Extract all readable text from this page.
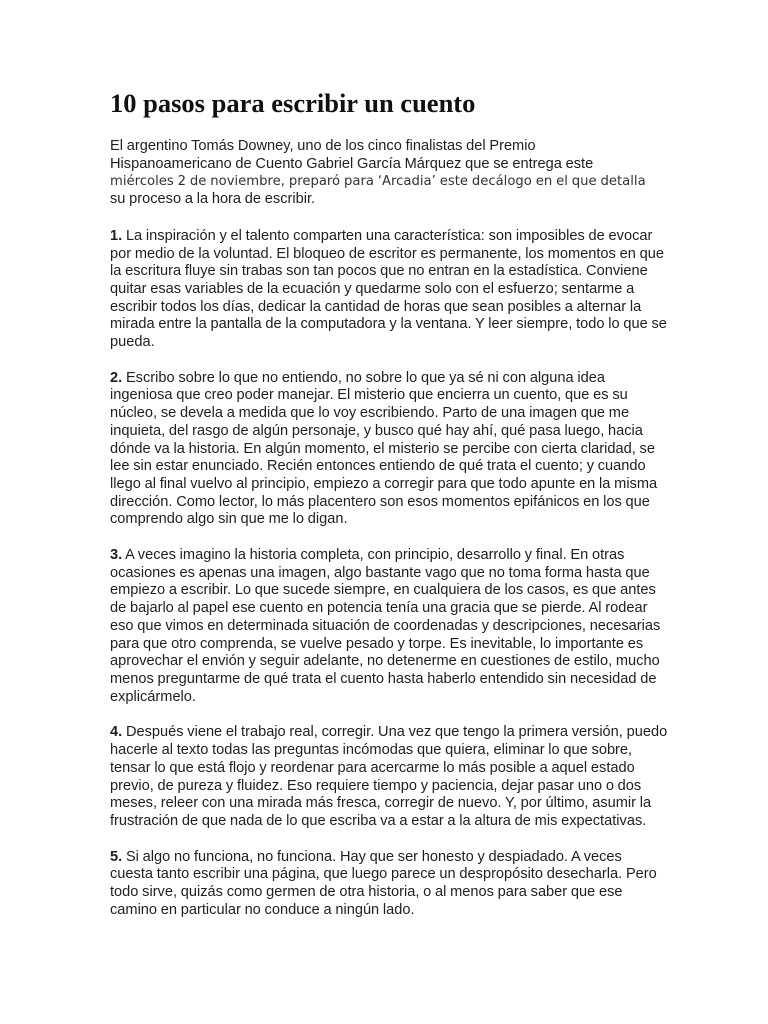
10 pasos para escribir un cuento

El argentino Tomás Downey, uno de los cinco finalistas del Premio
Hispanoamericano de Cuento Gabriel García Márquez que se entrega este
miércoles 2 de noviembre, preparó para ‘Arcadia’ este decálogo en el que detalla
su proceso a la hora de escribir.

1. La inspiración y el talento comparten una característica: son imposibles de evocar
por medio de la voluntad. El bloqueo de escritor es permanente, los momentos en que
la escritura fluye sin trabas son tan pocos que no entran en la estadística. Conviene
quitar esas variables de la ecuación y quedarme solo con el esfuerzo; sentarme a
escribir todos los días, dedicar la cantidad de horas que sean posibles a alternar la
mirada entre la pantalla de la computadora y la ventana. Y leer siempre, todo lo que se
pueda.

2. Escribo sobre lo que no entiendo, no sobre lo que ya sé ni con alguna idea
ingeniosa que creo poder manejar. El misterio que encierra un cuento, que es su
núcleo, se devela a medida que lo voy escribiendo. Parto de una imagen que me
inquieta, del rasgo de algún personaje, y busco qué hay ahí, qué pasa luego, hacia
dónde va la historia. En algún momento, el misterio se percibe con cierta claridad, se
lee sin estar enunciado. Recién entonces entiendo de qué trata el cuento; y cuando
llego al final vuelvo al principio, empiezo a corregir para que todo apunte en la misma
dirección. Como lector, lo más placentero son esos momentos epifánicos en los que
comprendo algo sin que me lo digan.

3. A veces imagino la historia completa, con principio, desarrollo y final. En otras
ocasiones es apenas una imagen, algo bastante vago que no toma forma hasta que
empiezo a escribir. Lo que sucede siempre, en cualquiera de los casos, es que antes
de bajarlo al papel ese cuento en potencia tenía una gracia que se pierde. Al rodear
eso que vimos en determinada situación de coordenadas y descripciones, necesarias
para que otro comprenda, se vuelve pesado y torpe. Es inevitable, lo importante es
aprovechar el envión y seguir adelante, no detenerme en cuestiones de estilo, mucho
menos preguntarme de qué trata el cuento hasta haberlo entendido sin necesidad de
explicármelo.

4. Después viene el trabajo real, corregir. Una vez que tengo la primera versión, puedo
hacerle al texto todas las preguntas incómodas que quiera, eliminar lo que sobre,
tensar lo que está flojo y reordenar para acercarme lo más posible a aquel estado
previo, de pureza y fluidez. Eso requiere tiempo y paciencia, dejar pasar uno o dos
meses, releer con una mirada más fresca, corregir de nuevo. Y, por último, asumir la
frustración de que nada de lo que escriba va a estar a la altura de mis expectativas.

5. Si algo no funciona, no funciona. Hay que ser honesto y despiadado. A veces
cuesta tanto escribir una página, que luego parece un despropósito desecharla. Pero
todo sirve, quizás como germen de otra historia, o al menos para saber que ese
camino en particular no conduce a ningún lado.
